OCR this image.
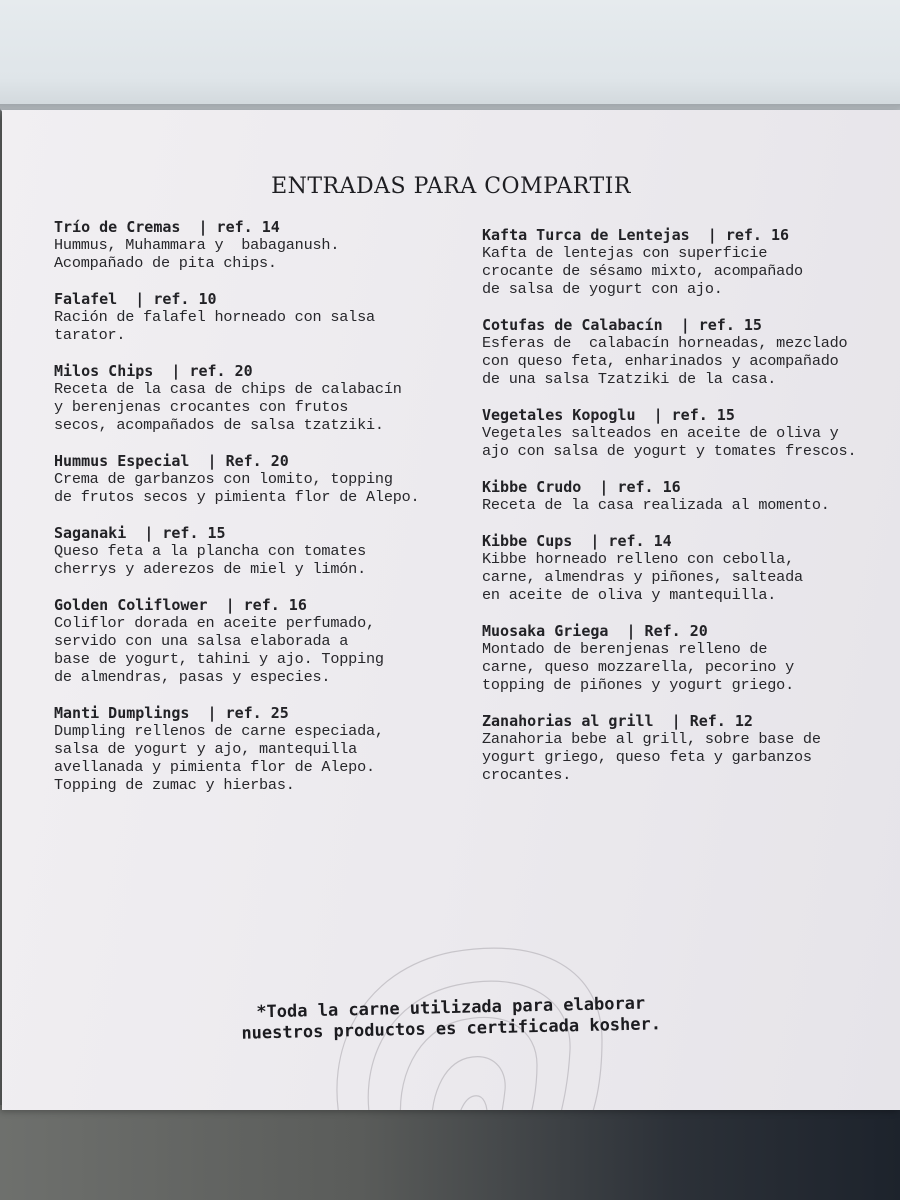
ENTRADAS PARA COMPARTIR
Trío de Cremas | ref. 14
Hummus, Muhammara y  babaganush.
Acompañado de pita chips.
Falafel | ref. 10
Ración de falafel horneado con salsa
tarator.
Milos Chips | ref. 20
Receta de la casa de chips de calabacín
y berenjenas crocantes con frutos
secos, acompañados de salsa tzatziki.
Hummus Especial | Ref. 20
Crema de garbanzos con lomito, topping
de frutos secos y pimienta flor de Alepo.
Saganaki | ref. 15
Queso feta a la plancha con tomates
cherrys y aderezos de miel y limón.
Golden Coliflower | ref. 16
Coliflor dorada en aceite perfumado,
servido con una salsa elaborada a
base de yogurt, tahini y ajo. Topping
de almendras, pasas y especies.
Manti Dumplings | ref. 25
Dumpling rellenos de carne especiada,
salsa de yogurt y ajo, mantequilla
avellanada y pimienta flor de Alepo.
Topping de zumac y hierbas.
Kafta Turca de Lentejas | ref. 16
Kafta de lentejas con superficie
crocante de sésamo mixto, acompañado
de salsa de yogurt con ajo.
Cotufas de Calabacín | ref. 15
Esferas de  calabacín horneadas, mezclado
con queso feta, enharinados y acompañado
de una salsa Tzatziki de la casa.
Vegetales Kopoglu | ref. 15
Vegetales salteados en aceite de oliva y
ajo con salsa de yogurt y tomates frescos.
Kibbe Crudo | ref. 16
Receta de la casa realizada al momento.
Kibbe Cups | ref. 14
Kibbe horneado relleno con cebolla,
carne, almendras y piñones, salteada
en aceite de oliva y mantequilla.
Muosaka Griega | Ref. 20
Montado de berenjenas relleno de
carne, queso mozzarella, pecorino y
topping de piñones y yogurt griego.
Zanahorias al grill | Ref. 12
Zanahoria bebe al grill, sobre base de
yogurt griego, queso feta y garbanzos
crocantes.
*Toda la carne utilizada para elaborar
nuestros productos es certificada kosher.
